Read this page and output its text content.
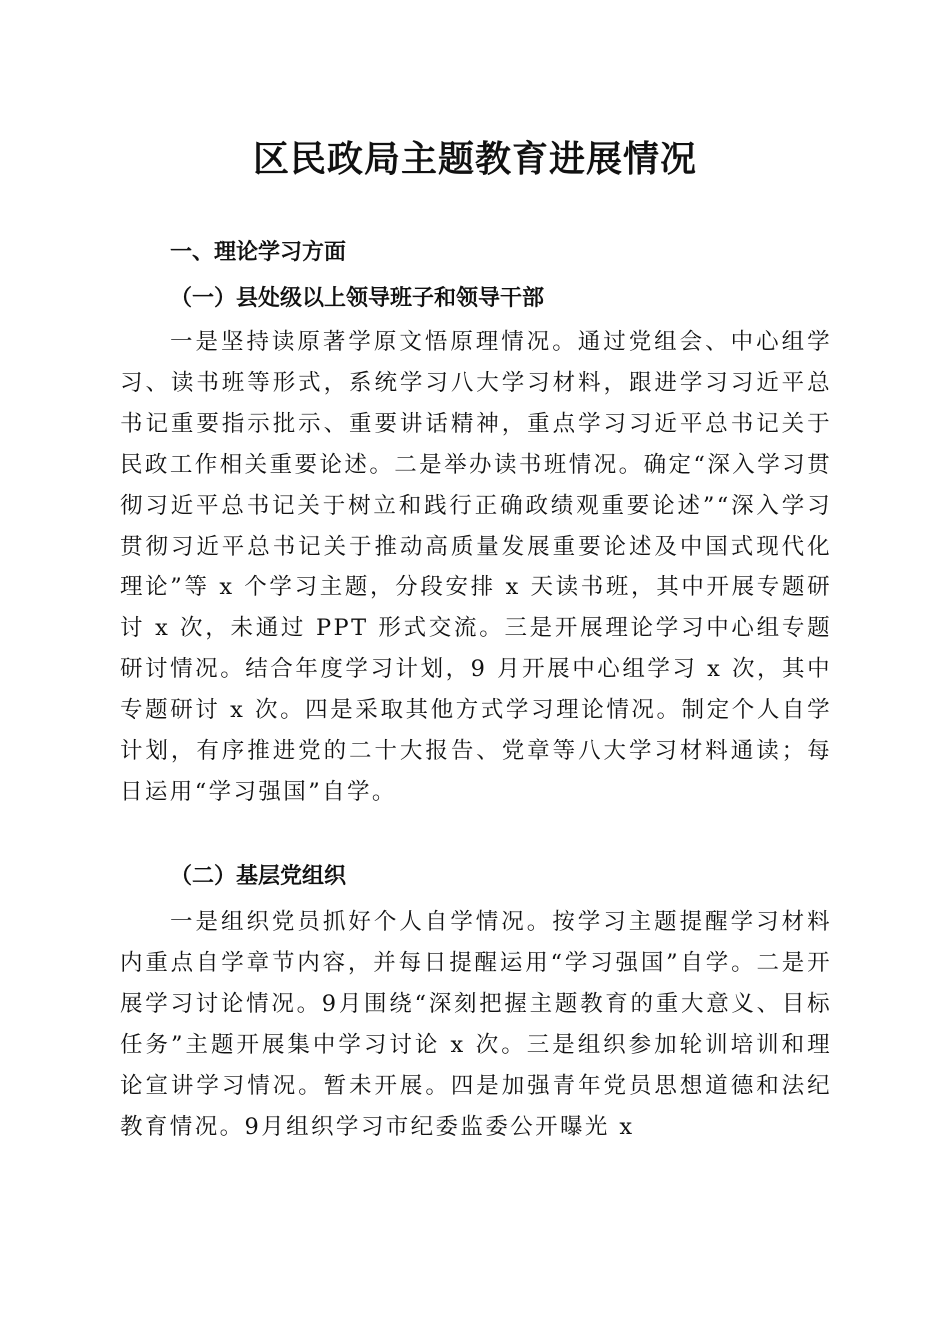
区民政局主题教育进展情况
一、理论学习方面
（一）县处级以上领导班子和领导干部

一是坚持读原著学原文悟原理情况。通过党组会、中心组学习、读书班等形式，系统学习八大学习材料，跟进学习习近平总书记重要指示批示、重要讲话精神，重点学习习近平总书记关于民政工作相关重要论述。二是举办读书班情况。确定“深入学习贯彻习近平总书记关于树立和践行正确政绩观重要论述”“深入学习贯彻习近平总书记关于推动高质量发展重要论述及中国式现代化理论”等 x 个学习主题，分段安排 x 天读书班，其中开展专题研讨 x 次，未通过 PPT 形式交流。三是开展理论学习中心组专题研讨情况。结合年度学习计划，9 月开展中心组学习 x 次，其中专题研讨 x 次。四是采取其他方式学习理论情况。制定个人自学计划，有序推进党的二十大报告、党章等八大学习材料通读；每日运用“学习强国”自学。

（二）基层党组织

一是组织党员抓好个人自学情况。按学习主题提醒学习材料内重点自学章节内容，并每日提醒运用“学习强国”自学。二是开展学习讨论情况。9月围绕“深刻把握主题教育的重大意义、目标任务”主题开展集中学习讨论 x 次。三是组织参加轮训培训和理论宣讲学习情况。暂未开展。四是加强青年党员思想道德和法纪教育情况。9月组织学习市纪委监委公开曝光 x
